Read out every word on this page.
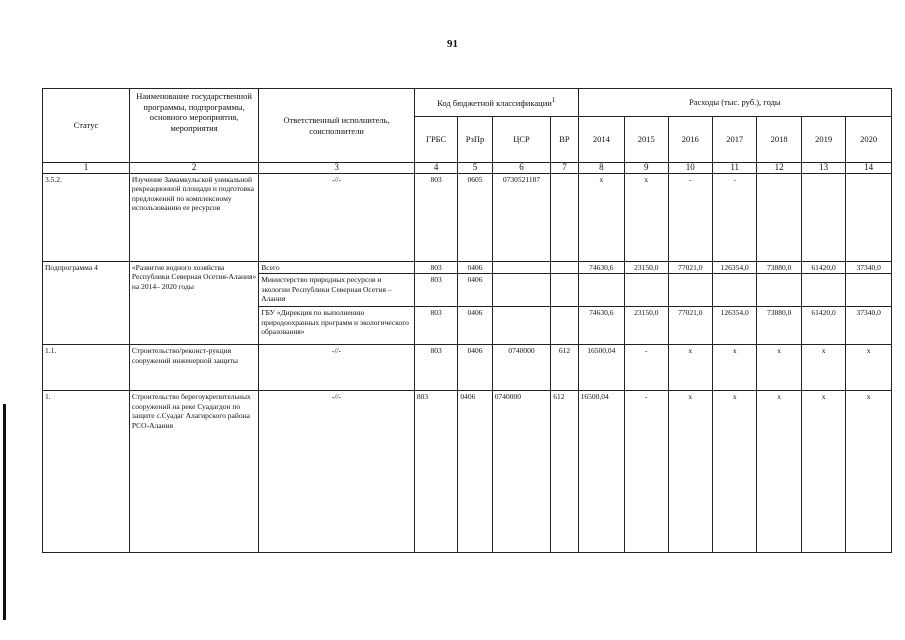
91
Статус	Наименование государственной программы, подпрограммы, основного мероприятия, мероприятия	Ответственный исполнитель, соисполнители	Код бюджетной классификации$^1$				Расходы (тыс. руб.), годы						
			ГРБС	РзПр	ЦСР	ВР	2014	2015	2016	2017	2018	2019	2020
1	2	3	4	5	6	7	8	9	10	11	12	13	14
3.5.2.	Изучение Замамкульской уникальной рекреационной площади и подготовка предложений по комплексному использованию ее ресурсов	-//-	803	0605	0730521187		x	x	-	-			
Подпрограмма 4	«Развитие водного хозяйства Республики Северная Осетия-Алания» на 2014– 2020 годы	Всего	803	0406			74630,6	23150,0	77021,0	126354,0	73880,0	61420,0	37340,0
		Министерство природных ресурсов и экологии Республики Северная Осетия – Алания	803	0406									
		ГБУ «Дирекция по выполнению природоохранных программ и экологического образования»	803	0406			74630,6	23150,0	77021,0	126354,0	73880,0	61420,0	37340,0
1.1.	Строительство/реконст-рукция сооружений инженерной защиты	-//-	803	0406	0740000	612	16500,04	-	x	x	x	x	x
1.	Строительство берегоукрепительных сооружений на реке Суадагдон по защите с.Суадаг Алагирского района РСО-Алания	-//-	803	0406	0740000	612	16500,04	-	x	x	x	x	x
